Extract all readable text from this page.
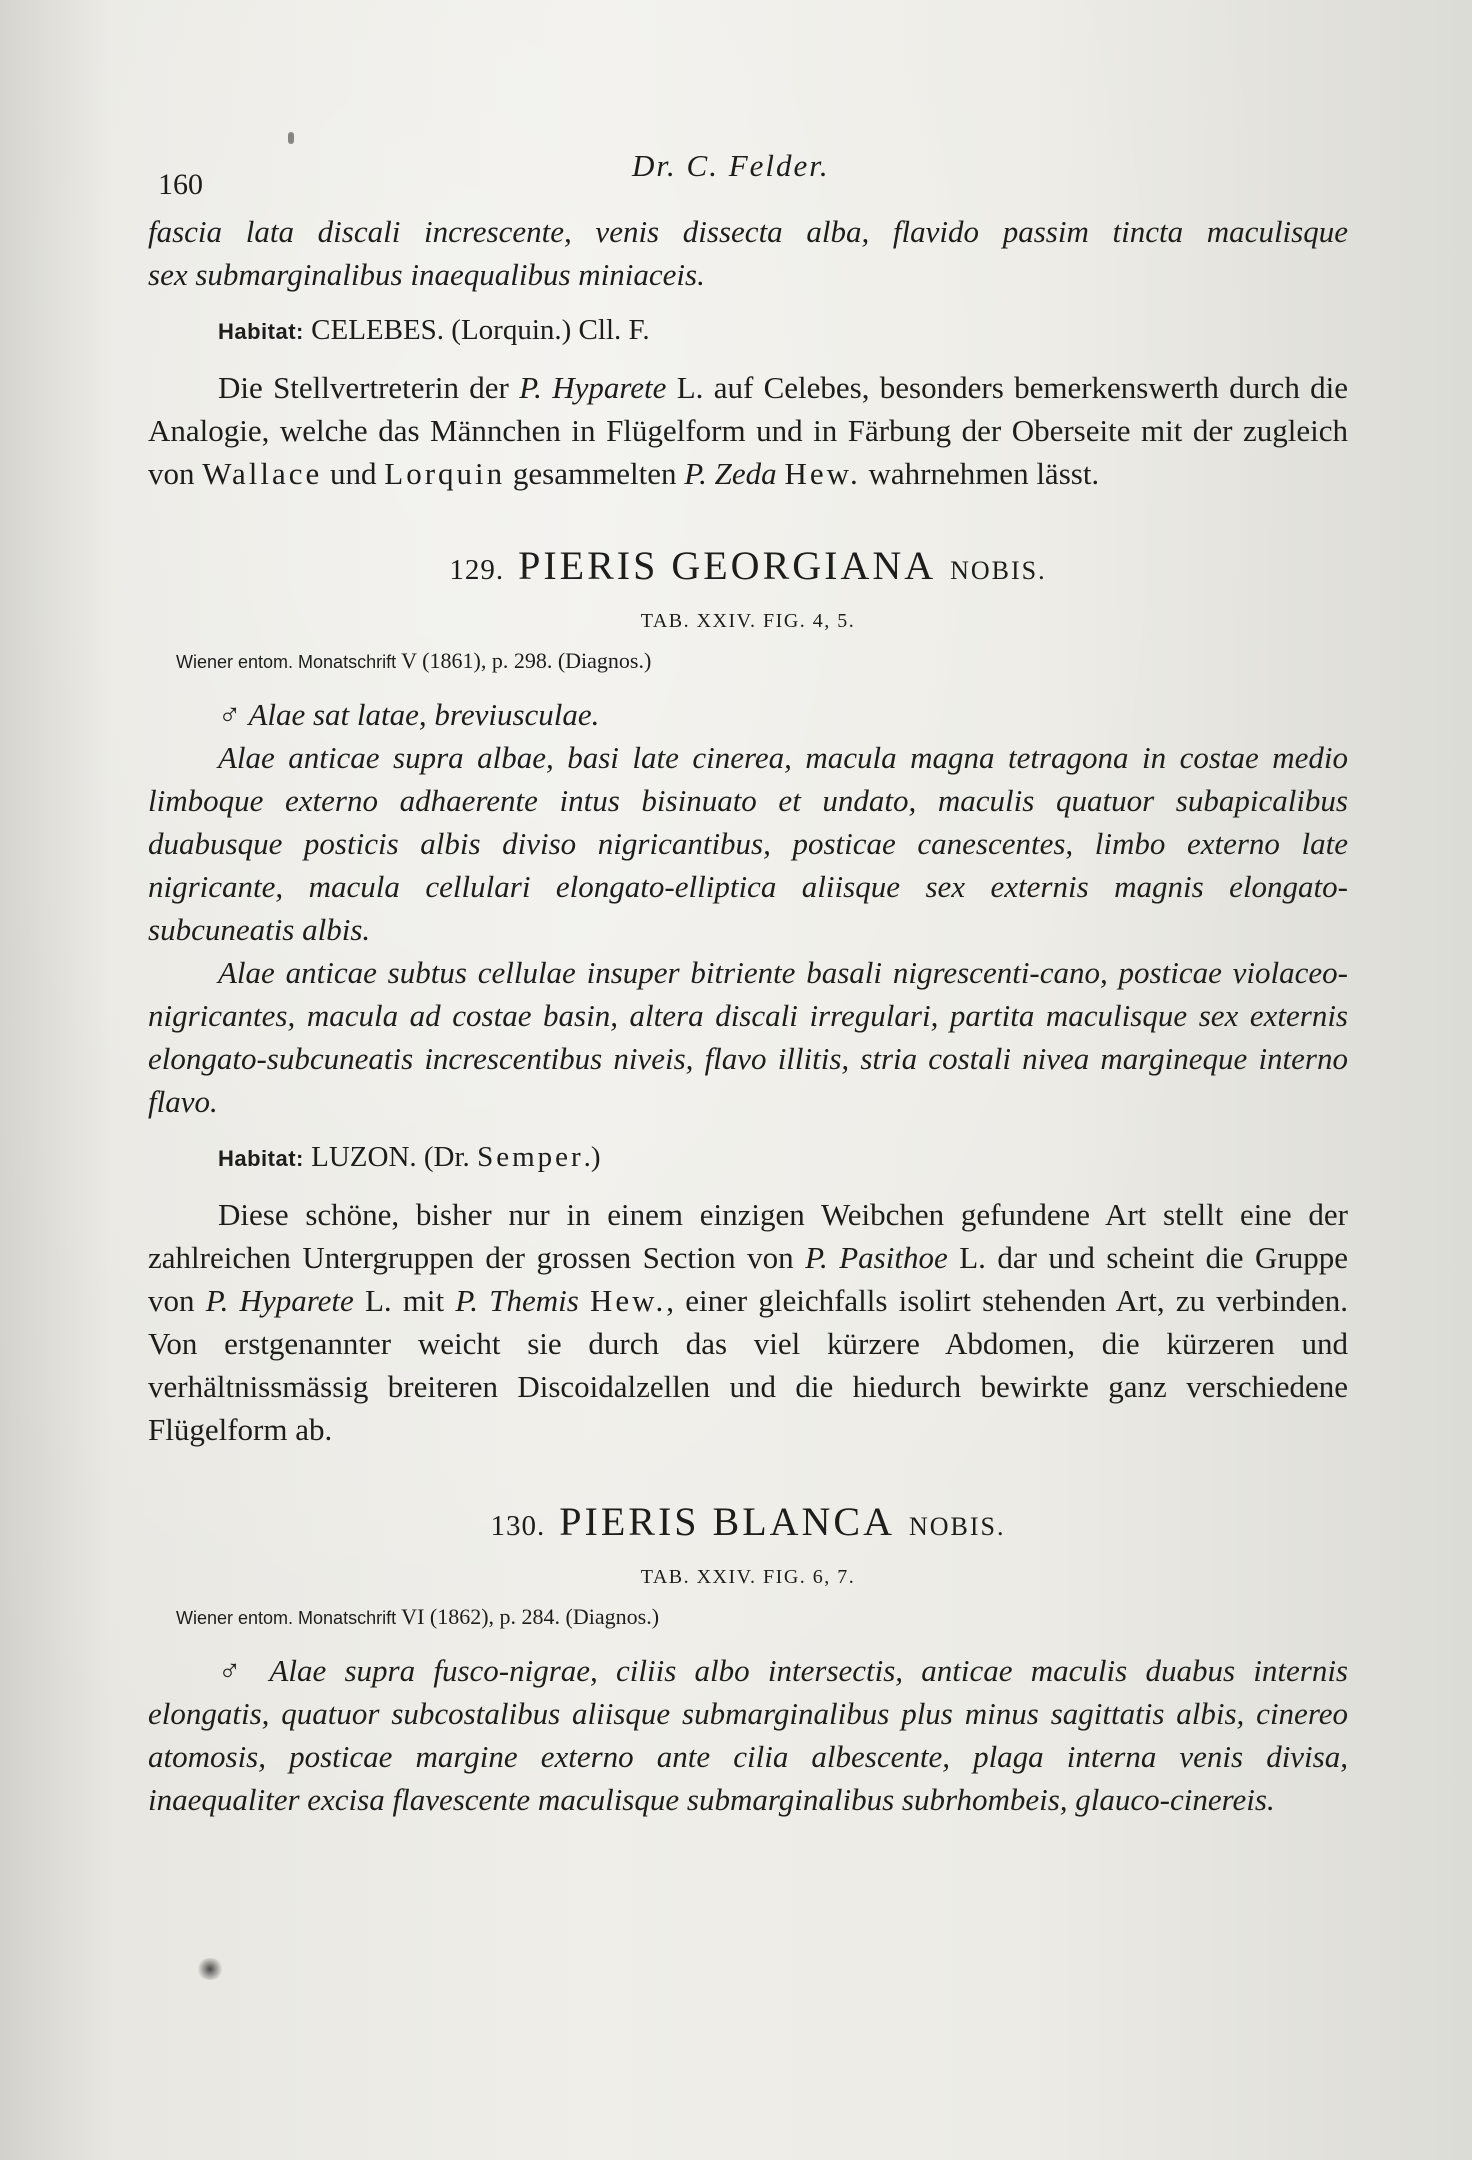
160
Dr. C. Felder.

fascia lata discali increscente, venis dissecta alba, flavido passim tincta maculisque

sex submarginalibus inaequalibus miniaceis.

Habitat: CELEBES. (Lorquin.) Cll. F.

Die Stellvertreterin der P. Hyparete L. auf Celebes, besonders bemerkenswerth durch die Analogie, welche das Männchen in Flügelform und in Färbung der Oberseite mit der zugleich von Wallace und Lorquin gesammelten P. Zeda Hew. wahrnehmen lässt.

129. PIERIS GEORGIANA NOBIS.
TAB. XXIV. FIG. 4, 5.
Wiener entom. Monatschrift V (1861), p. 298. (Diagnos.)

♂ Alae sat latae, breviusculae.

Alae anticae supra albae, basi late cinerea, macula magna tetragona in costae medio limboque externo adhaerente intus bisinuato et undato, maculis quatuor subapicalibus duabusque posticis albis diviso nigricantibus, posticae canescentes, limbo externo late nigricante, macula cellulari elongato-elliptica aliisque sex externis magnis elongato-subcuneatis albis.

Alae anticae subtus cellulae insuper bitriente basali nigrescenti-cano, posticae violaceo-nigricantes, macula ad costae basin, altera discali irregulari, partita maculisque sex externis elongato-subcuneatis increscentibus niveis, flavo illitis, stria costali nivea margineque interno flavo.

Habitat: LUZON. (Dr. Semper.)

Diese schöne, bisher nur in einem einzigen Weibchen gefundene Art stellt eine der zahlreichen Untergruppen der grossen Section von P. Pasithoe L. dar und scheint die Gruppe von P. Hyparete L. mit P. Themis Hew., einer gleichfalls isolirt stehenden Art, zu verbinden. Von erstgenannter weicht sie durch das viel kürzere Abdomen, die kürzeren und verhältnissmässig breiteren Discoidalzellen und die hiedurch bewirkte ganz verschiedene Flügelform ab.

130. PIERIS BLANCA NOBIS.
TAB. XXIV. FIG. 6, 7.
Wiener entom. Monatschrift VI (1862), p. 284. (Diagnos.)

♂ Alae supra fusco-nigrae, ciliis albo intersectis, anticae maculis duabus internis elongatis, quatuor subcostalibus aliisque submarginalibus plus minus sagittatis albis, cinereo atomosis, posticae margine externo ante cilia albescente, plaga interna venis divisa, inaequaliter excisa flavescente maculisque submarginalibus subrhombeis, glauco-cinereis.
